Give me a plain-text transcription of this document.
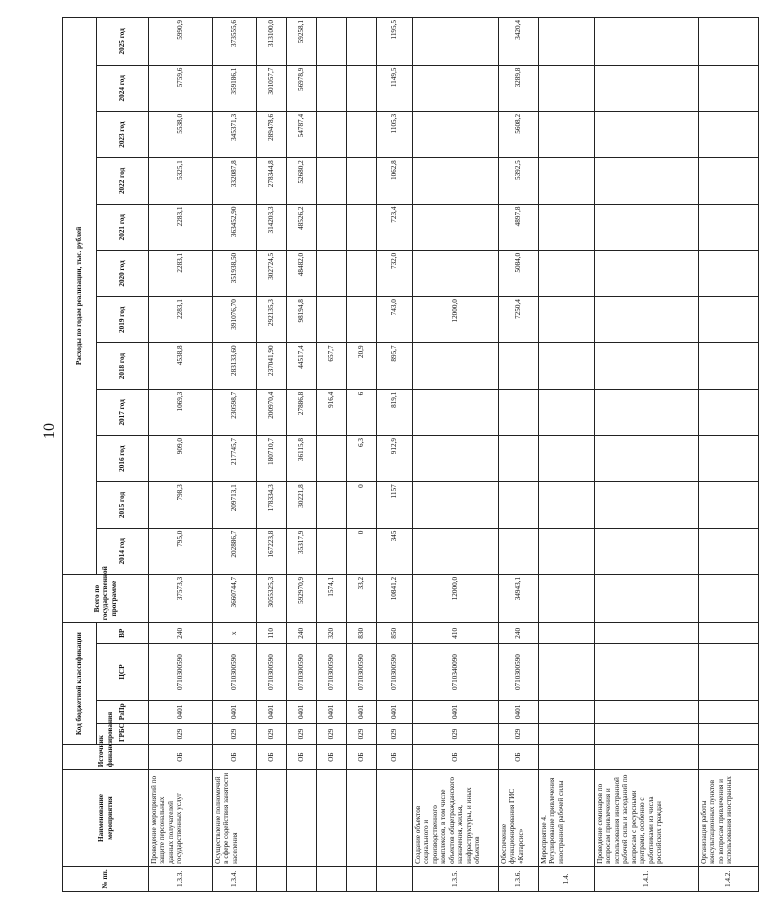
10
№ пп.	Наименование мероприятия	Источник финансирования	Код бюджетной классификации				Всего по государственной программе	Расходы по годам реализации, тыс. рублей											
			ГРБС	РзПр	ЦСР	ВР		2014 год	2015 год	2016 год	2017 год	2018 год	2019 год	2020 год	2021 год	2022 год	2023 год	2024 год	2025 год
1.3.3.	Проведение мероприятий по защите персональных данных получателей государственных услуг	ОБ	029	0401	0710300590	240	37573,3	795,0	798,3	909,0	1069,3	4538,8	2283,1	2283,1	2283,1	5325,1	5538,0	5759,6	5990,9
1.3.4.	Осуществление полномочий в сфере содействия занятости населения	ОБ	029	0401	0710300590	х	3660744,7	202886,7	209713,1	217745,7	230598,7	283133,60	391076,70	351938,50	363452,90	332087,8	345371,3	359186,1	373555,6
		ОБ	029	0401	0710300590	110	3055325,3	167223,8	178334,3	180710,7	200970,4	237041,90	292135,3	302724,5	314203,3	278344,8	289478,6	301057,7	313100,0
		ОБ	029	0401	0710300590	240	592970,9	35317,9	30221,8	36115,8	27886,8	44517,4	98194,8	48482,0	48526,2	52680,2	54787,4	56978,9	59258,1
		ОБ	029	0401	0710300590	320	1574,1				916,4	657,7							
		ОБ	029	0401	0710300590	830	33,2	0	0	6,3	6	20,9							
		ОБ	029	0401	0710300590	850	10841,2	345	1157	912,9	819,1	895,7	743,0	732,0	723,4	1062,8	1105,3	1149,5	1195,5
1.3.5.	Создание объектов социального и производственного комплексов, в том числе объектов общегражданского назначения, жилья, инфраструктуры, и иных объектов	ОБ	029	0401	0710340090	410	12000,0						12000,0						
1.3.6.	Обеспечение функционирования ГИС «Катарсис»	ОБ	029	0401	0710300590	240	34943,1						7250,4	5084,0	4897,8	5392,5	5608,2	3289,8	3420,4
1.4.	Мероприятие 4. Регулирование привлечения иностранной рабочей силы																		
1.4.1.	Проведение семинаров по вопросам привлечения и использования иностранной рабочей силы и заседаний по вопросам с ресурсными центрами, особенно с работниками из числа российских граждан																		
1.4.2.	Организация работы консультационных пунктов по вопросам привлечения и использования иностранных																		
